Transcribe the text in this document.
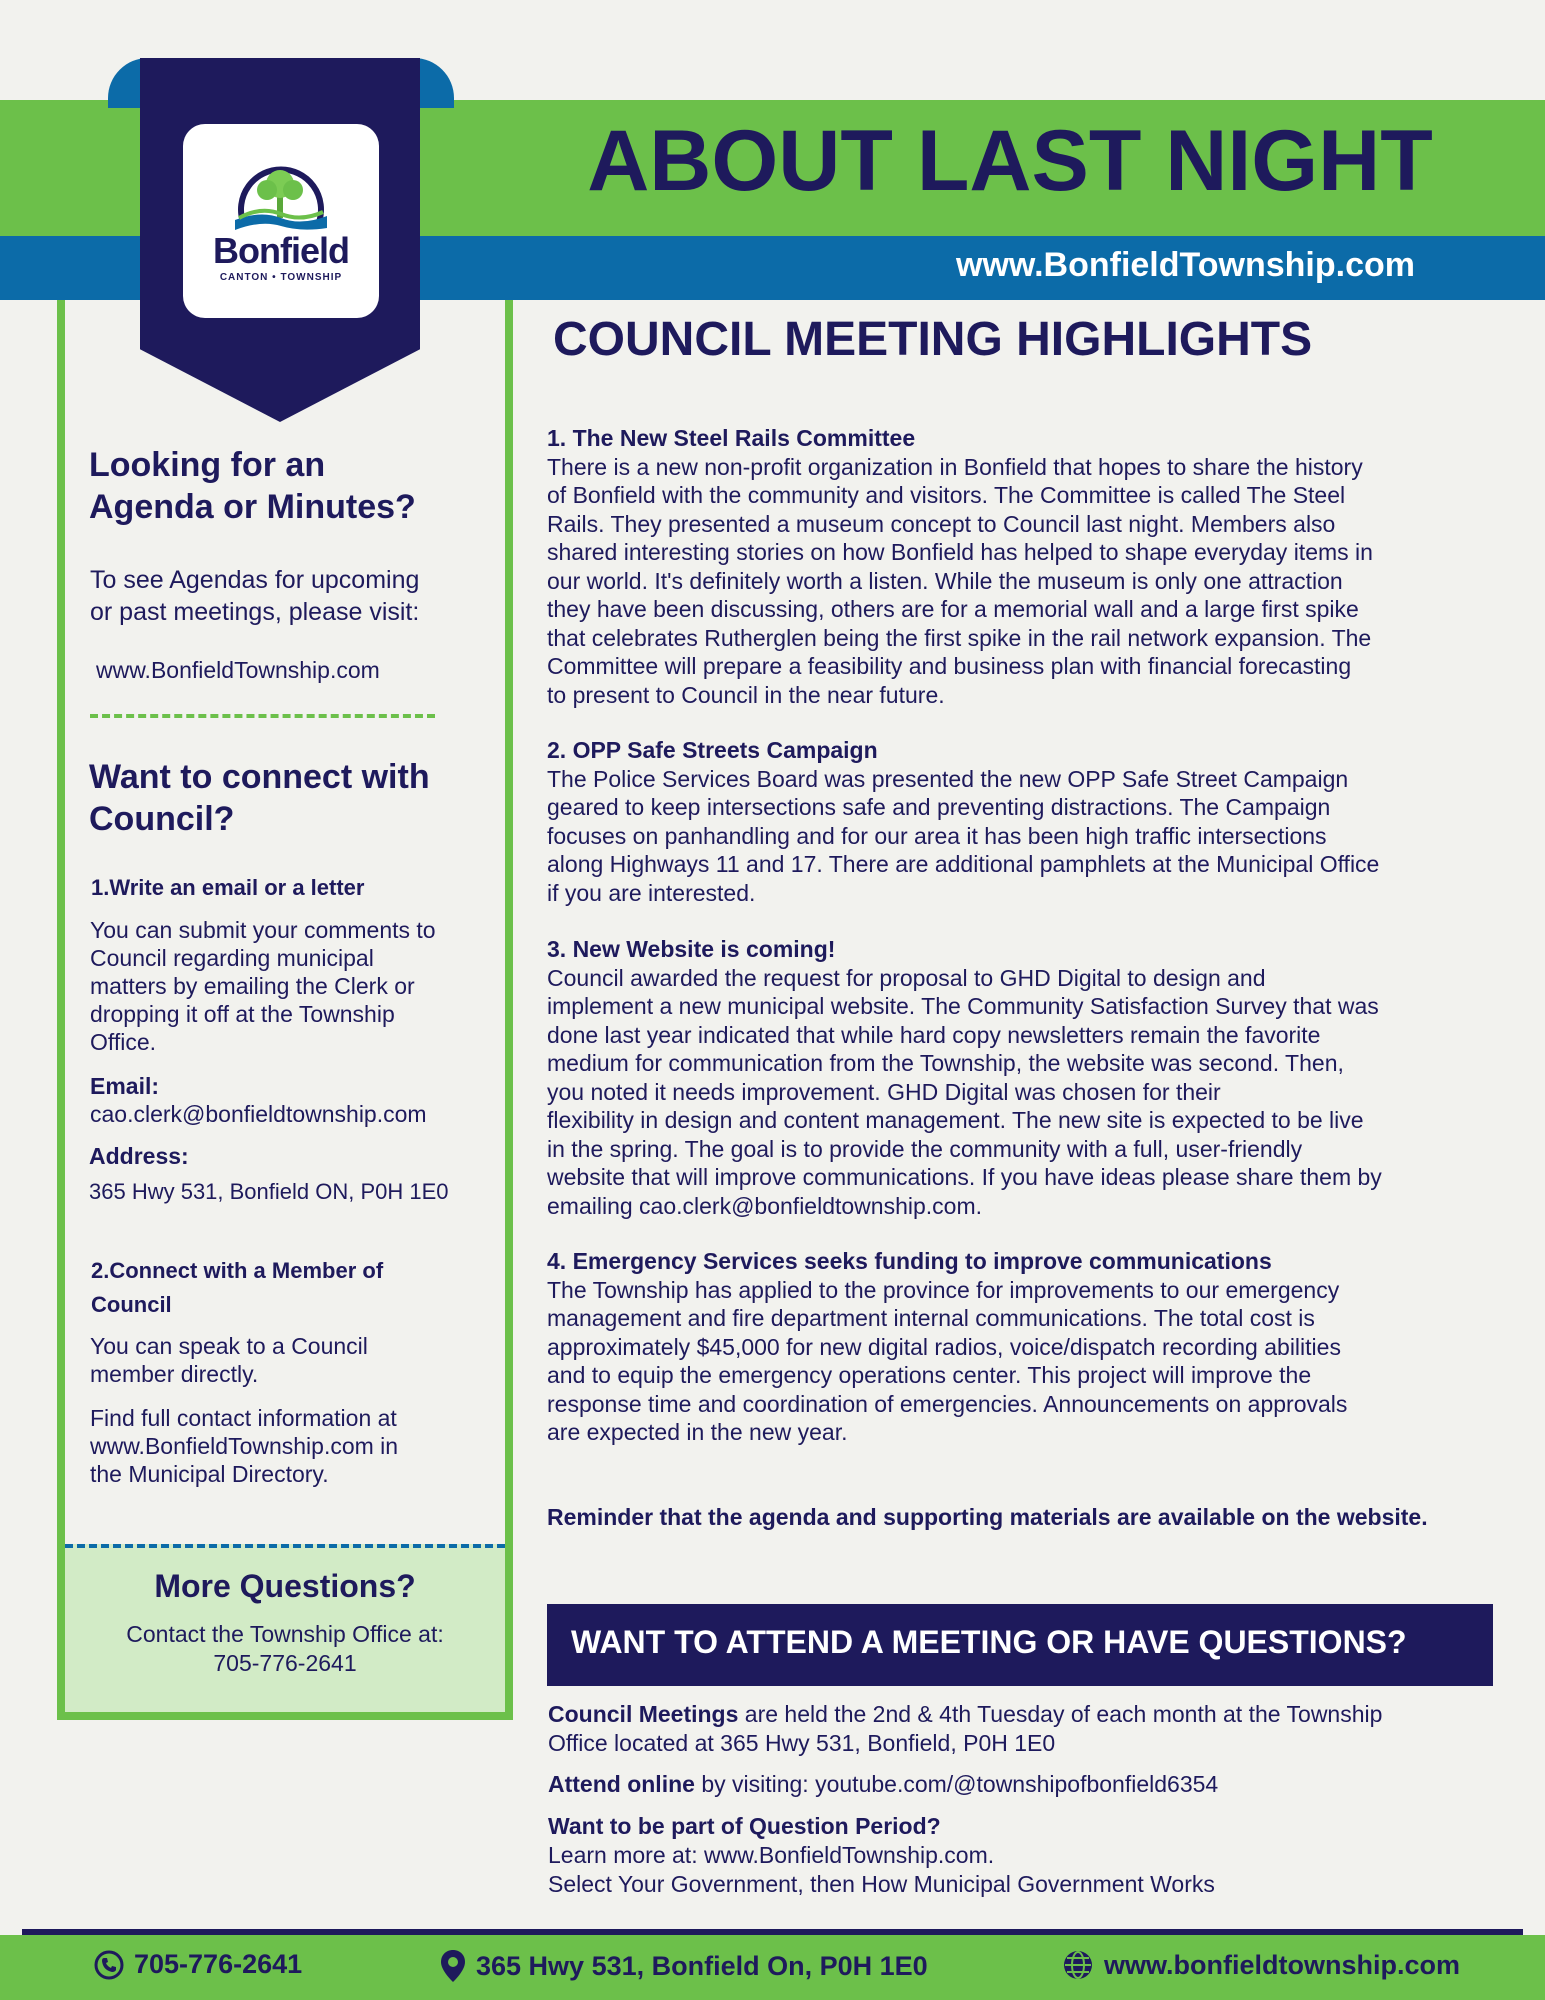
ABOUT LAST NIGHT
www.BonfieldTownship.com
Bonfield
CANTON • TOWNSHIP
Looking for an
Agenda or Minutes?
To see Agendas for upcoming
or past meetings, please visit:
www.BonfieldTownship.com
Want to connect with
Council?
1.Write an email or a letter
You can submit your comments to
Council regarding municipal
matters by emailing the Clerk or
dropping it off at the Township
Office.
Email:
cao.clerk@bonfieldtownship.com
Address:
365 Hwy 531, Bonfield ON, P0H 1E0
2.Connect with a Member of
Council
You can speak to a Council
member directly.
Find full contact information at
www.BonfieldTownship.com in
the Municipal Directory.
More Questions?
Contact the Township Office at:
705-776-2641
COUNCIL MEETING HIGHLIGHTS
1. The New Steel Rails Committee
There is a new non-profit organization in Bonfield that hopes to share the history
of Bonfield with the community and visitors. The Committee is called The Steel
Rails. They presented a museum concept to Council last night. Members also
shared interesting stories on how Bonfield has helped to shape everyday items in
our world. It's definitely worth a listen. While the museum is only one attraction
they have been discussing, others are for a memorial wall and a large first spike
that celebrates Rutherglen being the first spike in the rail network expansion. The
Committee will prepare a feasibility and business plan with financial forecasting
to present to Council in the near future.
2. OPP Safe Streets Campaign
The Police Services Board was presented the new OPP Safe Street Campaign
geared to keep intersections safe and preventing distractions. The Campaign
focuses on panhandling and for our area it has been high traffic intersections
along Highways 11 and 17. There are additional pamphlets at the Municipal Office
if you are interested.
3. New Website is coming!
Council awarded the request for proposal to GHD Digital to design and
implement a new municipal website. The Community Satisfaction Survey that was
done last year indicated that while hard copy newsletters remain the favorite
medium for communication from the Township, the website was second. Then,
you noted it needs improvement. GHD Digital was chosen for their
flexibility in design and content management. The new site is expected to be live
in the spring. The goal is to provide the community with a full, user-friendly
website that will improve communications. If you have ideas please share them by
emailing cao.clerk@bonfieldtownship.com.
4. Emergency Services seeks funding to improve communications
The Township has applied to the province for improvements to our emergency
management and fire department internal communications. The total cost is
approximately $45,000 for new digital radios, voice/dispatch recording abilities
and to equip the emergency operations center. This project will improve the
response time and coordination of emergencies. Announcements on approvals
are expected in the new year.
Reminder that the agenda and supporting materials are available on the website.
WANT TO ATTEND A MEETING OR HAVE QUESTIONS?
Council Meetings are held the 2nd & 4th Tuesday of each month at the Township
Office located at 365 Hwy 531, Bonfield, P0H 1E0
Attend online by visiting: youtube.com/@townshipofbonfield6354
Want to be part of Question Period?
Learn more at: www.BonfieldTownship.com.
Select Your Government, then How Municipal Government Works
705-776-2641	365 Hwy 531, Bonfield On, P0H 1E0	www.bonfieldtownship.com
